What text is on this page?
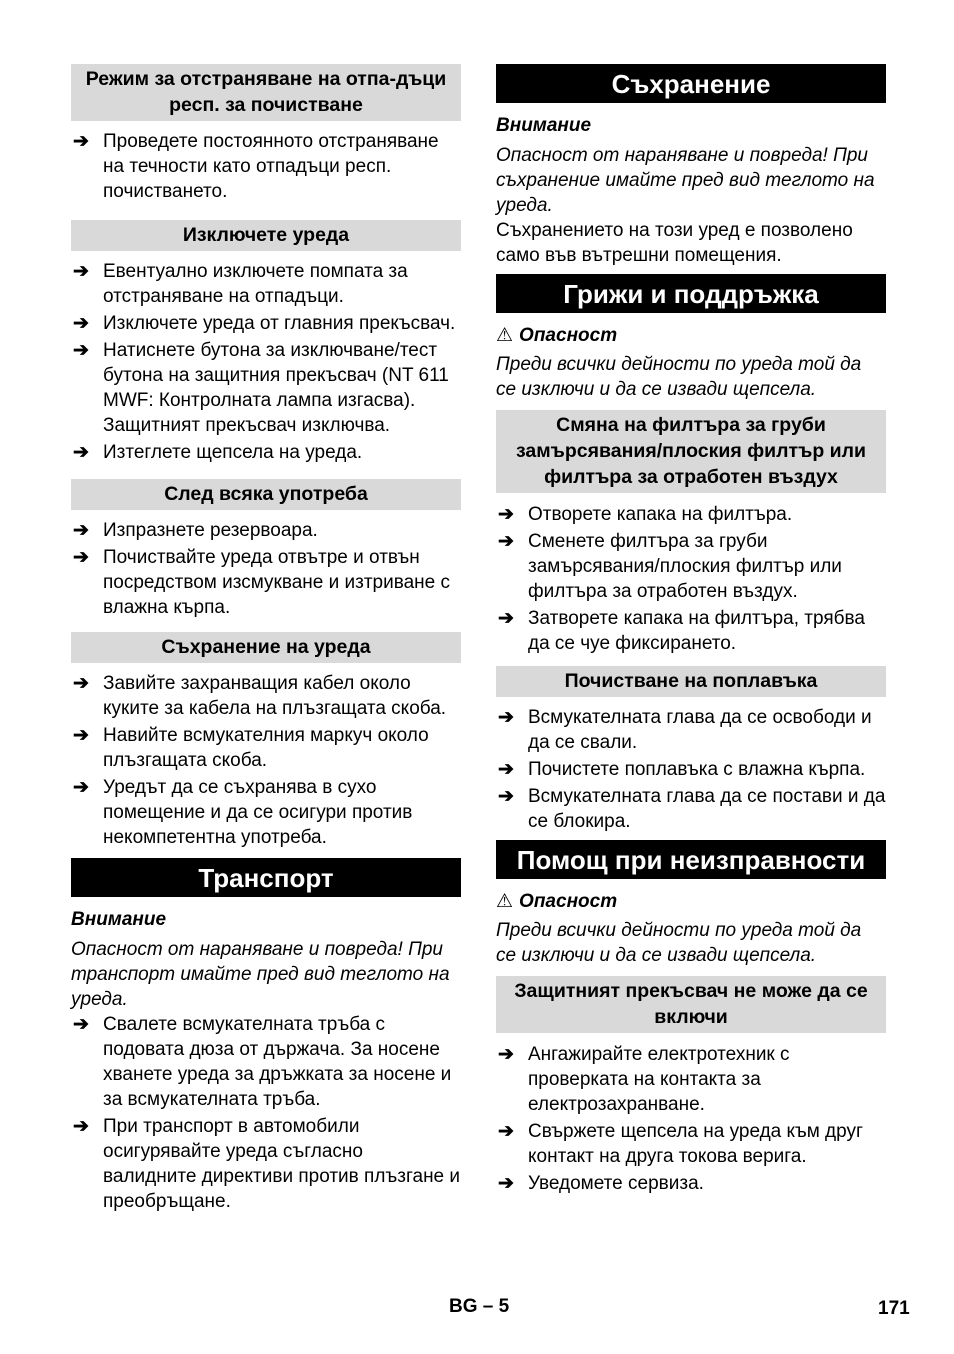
Режим за отстраняване на отпа-дъци респ. за почистване
➔ Проведете постоянното отстраняване на течности като отпадъци респ. почистването.
Изключете уреда
➔ Евентуално изключете помпата за отстраняване на отпадъци.
➔ Изключете уреда от главния прекъсвач.
➔ Натиснете бутона за изключване/тест бутона на защитния прекъсвач (NT 611 MWF: Контролната лампа изгасва). Защитният прекъсвач изключва.
➔ Изтеглете щепсела на уреда.
След всяка употреба
➔ Изпразнете резервоара.
➔ Почиствайте уреда отвътре и отвън посредством изсмукване и изтриване с влажна кърпа.
Съхранение на уреда
➔ Завийте захранващия кабел около куките за кабела на плъзгащата скоба.
➔ Навийте всмукателния маркуч около плъзгащата скоба.
➔ Уредът да се съхранява в сухо помещение и да се осигури против некомпетентна употреба.
Транспорт

Внимание

Опасност от нараняване и повреда! При транспорт имайте пред вид теглото на уреда.

➔ Свалете всмукателната тръба с подовата дюза от държача. За носене хванете уреда за дръжката за носене и за всмукателната тръба.
➔ При транспорт в автомобили осигурявайте уреда съгласно валидните директиви против плъзгане и преобръщане.
Съхранение

Внимание

Опасност от нараняване и повреда! При съхранение имайте пред вид теглото на уреда.

Съхранението на този уред е позволено само във вътрешни помещения.

Грижи и поддръжка

⚠ Опасност

Преди всички дейности по уреда той да се изключи и да се извади щепсела.

Смяна на филтъра за груби замърсявания/плоския филтър или филтъра за отработен въздух
➔ Отворете капака на филтъра.
➔ Сменете филтъра за груби замърсявания/плоския филтър или филтъра за отработен въздух.
➔ Затворете капака на филтъра, трябва да се чуе фиксирането.
Почистване на поплавъка
➔ Всмукателната глава да се освободи и да се свали.
➔ Почистете поплавъка с влажна кърпа.
➔ Всмукателната глава да се постави и да се блокира.
Помощ при неизправности

⚠ Опасност

Преди всички дейности по уреда той да се изключи и да се извади щепсела.

Защитният прекъсвач не може да се включи
➔ Ангажирайте електротехник с проверката на контакта за електрозахранване.
➔ Свържете щепсела на уреда към друг контакт на друга токова верига.
➔ Уведомете сервиза.
BG – 5	171
